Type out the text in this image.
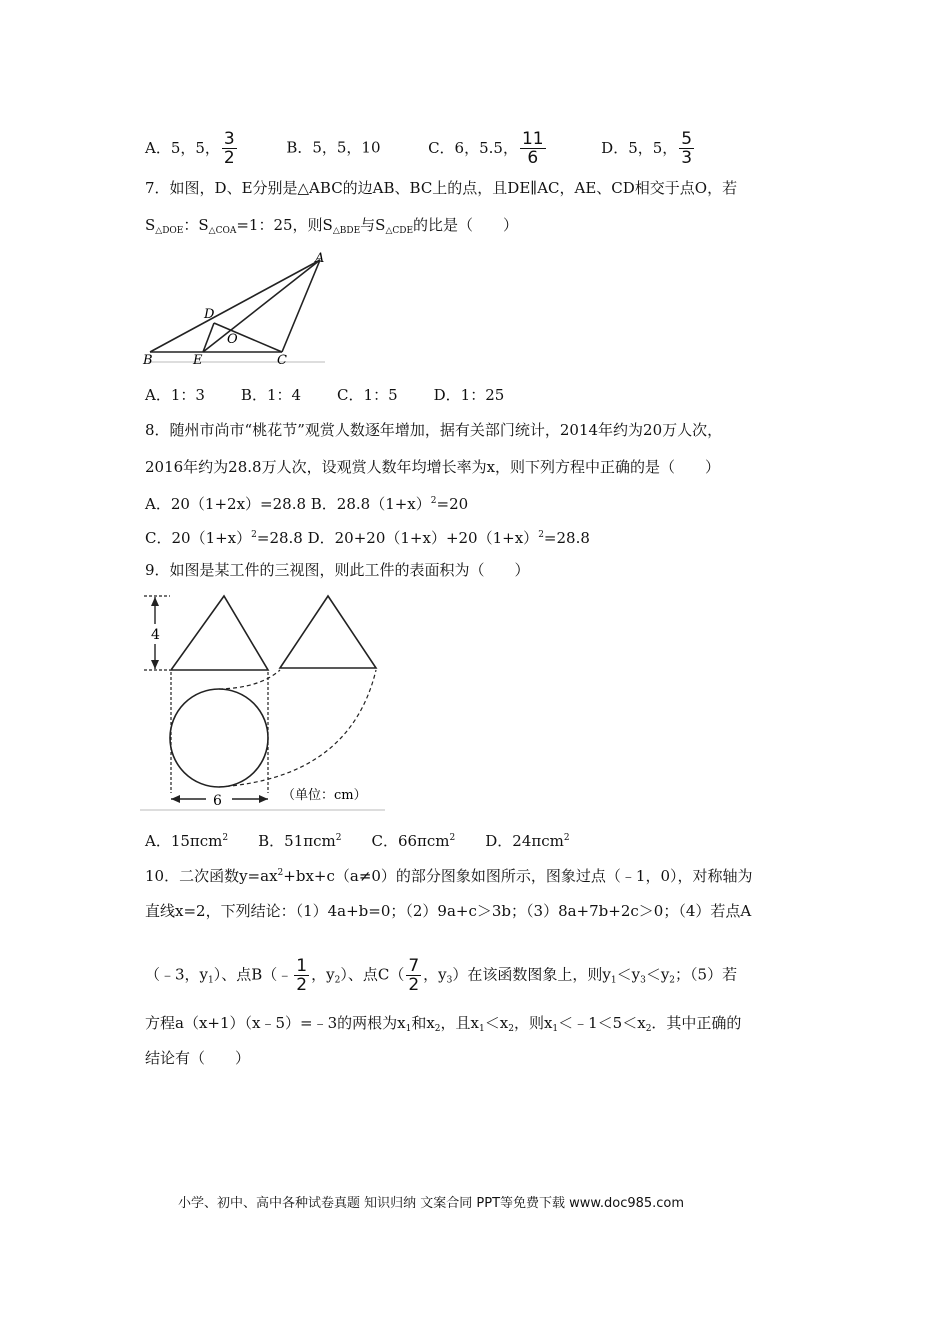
A．5，5， $\frac{3}{2}$	B．5，5，10	C．6，5.5， $\frac{11}{6}$	D．5，5， $\frac{5}{3}$
7．如图，D、E分别是△ABC的边AB、BC上的点，且DE∥AC，AE、CD相交于点O，若
$S_{\triangle DOE}$：$S_{\triangle COA}=1$：25，则$S_{\triangle BDE}$与$S_{\triangle CDE}$的比是（　　）
A
D
O
B	E	C
A．1：3 B．1：4 C．1：5 D．1：25
8．随州市尚市“桃花节”观赏人数逐年增加，据有关部门统计，2014年约为20万人次，
2016年约为28.8万人次，设观赏人数年均增长率为x，则下列方程中正确的是（　　）
A．20（1+2x）=28.8 B．$28.8(1+x)^2=20$
C．$20(1+x)^2=28.8$ D．$20+20(1+x)+20(1+x)^2=28.8$
9．如图是某工件的三视图，则此工件的表面积为（　　）
4
6	（单位：cm）
A．15πcm$^2$ B．51πcm$^2$ C．66πcm$^2$ D．24πcm$^2$
10．二次函数$y=ax^2+bx+c(a\ne 0)$的部分图象如图所示，图象过点（﹣1，0），对称轴为
直线x=2，下列结论：（1）4a+b=0；（2）9a+c＞3b；（3）8a+7b+2c＞0；（4）若点A
（﹣3，$y_1$）、点B（﹣ $\frac{1}{2}$ ，$y_2$）、点$C( \frac{7}{2}$ ，$y_3$）在该函数图象上，则$y_1<y_3<y_2$；（5）若
方程a（x+1）（x﹣5）=﹣3的两根为$x_1$和$x_2$，且$x_1<x_2$，则$x_1<﹣1<5<x_2$．其中正确的
结论有（　　）
小学、初中、高中各种试卷真题 知识归纳 文案合同 PPT等免费下载 www.doc985.com
